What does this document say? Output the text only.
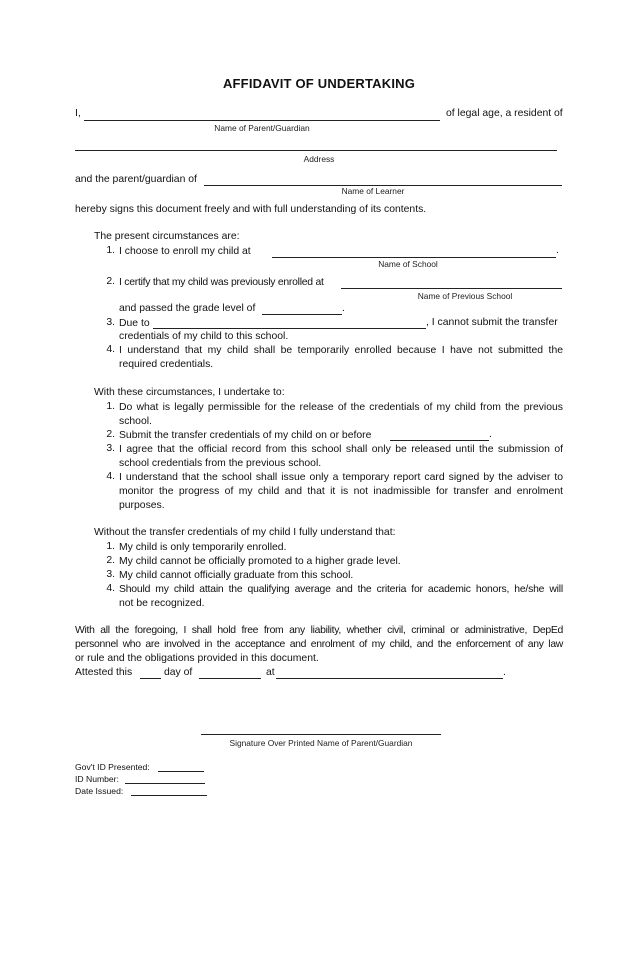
AFFIDAVIT OF UNDERTAKING
I,	of legal age, a resident of
Name of Parent/Guardian
Address
and the parent/guardian of
Name of Learner
hereby signs this document freely and with full understanding of its contents.
The present circumstances are:
1. I choose to enroll my child at	.
Name of School
2. I certify that my child was previously enrolled at
Name of Previous School
and passed the grade level of	.
3. Due to	, I cannot submit the transfer
credentials of my child to this school.
4. I understand that my child shall be temporarily enrolled because I have not submitted the
required credentials.
With these circumstances, I undertake to:
1. Do what is legally permissible for the release of the credentials of my child from the previous
school.
2. Submit the transfer credentials of my child on or before	.
3. I agree that the official record from this school shall only be released until the submission of
school credentials from the previous school.
4. I understand that the school shall issue only a temporary report card signed by the adviser to
monitor the progress of my child and that it is not inadmissible for transfer and enrolment
purposes.
Without the transfer credentials of my child I fully understand that:
1. My child is only temporarily enrolled.
2. My child cannot be officially promoted to a higher grade level.
3. My child cannot officially graduate from this school.
4. Should my child attain the qualifying average and the criteria for academic honors, he/she will
not be recognized.
With all the foregoing, I shall hold free from any liability, whether civil, criminal or administrative, DepEd
personnel who are involved in the acceptance and enrolment of my child, and the enforcement of any law
or rule and the obligations provided in this document.
Attested this	day of	at	.
Signature Over Printed Name of Parent/Guardian
Gov't ID Presented:
ID Number:
Date Issued:
